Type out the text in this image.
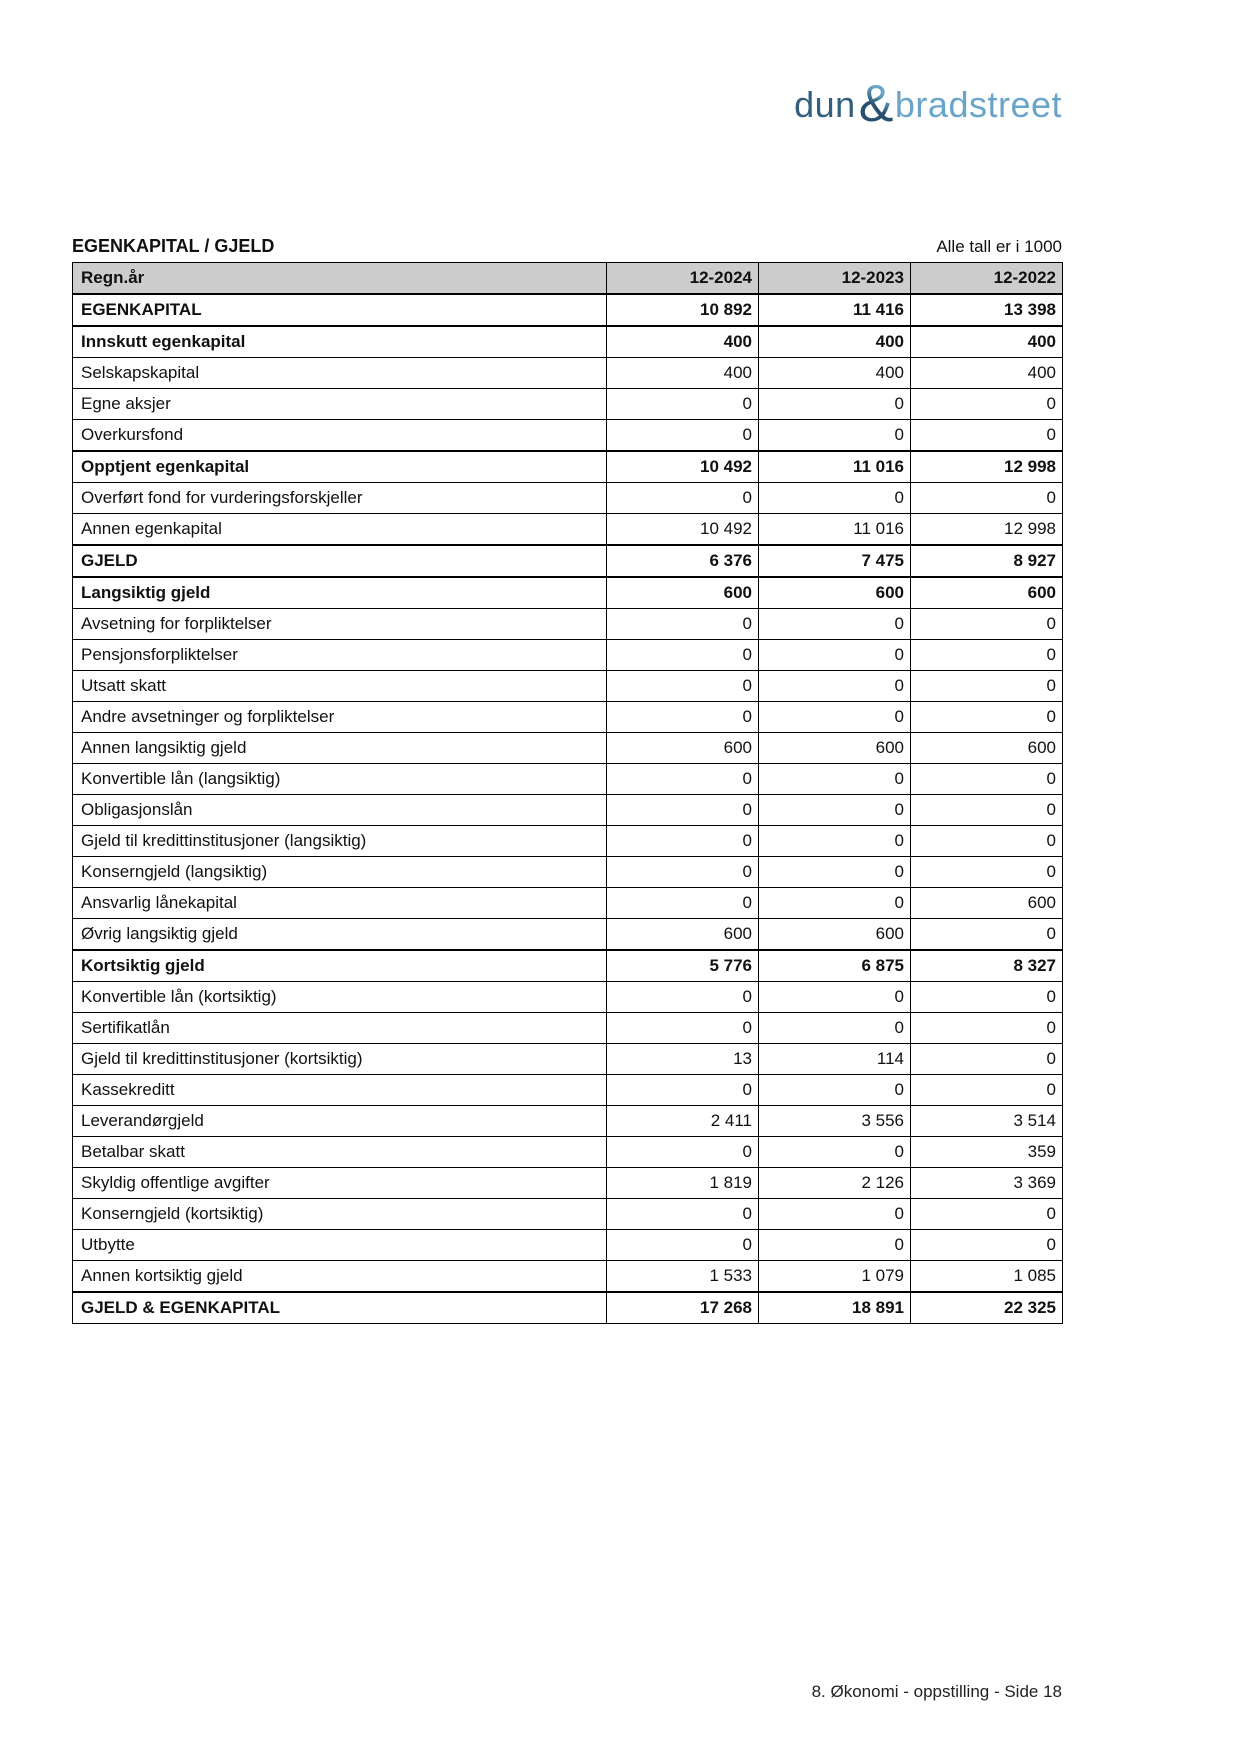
dun & bradstreet
EGENKAPITAL / GJELD	Alle tall er i 1000
Regn.år	12-2024	12-2023	12-2022
EGENKAPITAL	10 892	11 416	13 398
Innskutt egenkapital	400	400	400
Selskapskapital	400	400	400
Egne aksjer	0	0	0
Overkursfond	0	0	0
Opptjent egenkapital	10 492	11 016	12 998
Overført fond for vurderingsforskjeller	0	0	0
Annen egenkapital	10 492	11 016	12 998
GJELD	6 376	7 475	8 927
Langsiktig gjeld	600	600	600
Avsetning for forpliktelser	0	0	0
Pensjonsforpliktelser	0	0	0
Utsatt skatt	0	0	0
Andre avsetninger og forpliktelser	0	0	0
Annen langsiktig gjeld	600	600	600
Konvertible lån (langsiktig)	0	0	0
Obligasjonslån	0	0	0
Gjeld til kredittinstitusjoner (langsiktig)	0	0	0
Konserngjeld (langsiktig)	0	0	0
Ansvarlig lånekapital	0	0	600
Øvrig langsiktig gjeld	600	600	0
Kortsiktig gjeld	5 776	6 875	8 327
Konvertible lån (kortsiktig)	0	0	0
Sertifikatlån	0	0	0
Gjeld til kredittinstitusjoner (kortsiktig)	13	114	0
Kassekreditt	0	0	0
Leverandørgjeld	2 411	3 556	3 514
Betalbar skatt	0	0	359
Skyldig offentlige avgifter	1 819	2 126	3 369
Konserngjeld (kortsiktig)	0	0	0
Utbytte	0	0	0
Annen kortsiktig gjeld	1 533	1 079	1 085
GJELD & EGENKAPITAL	17 268	18 891	22 325
8. Økonomi - oppstilling - Side 18
